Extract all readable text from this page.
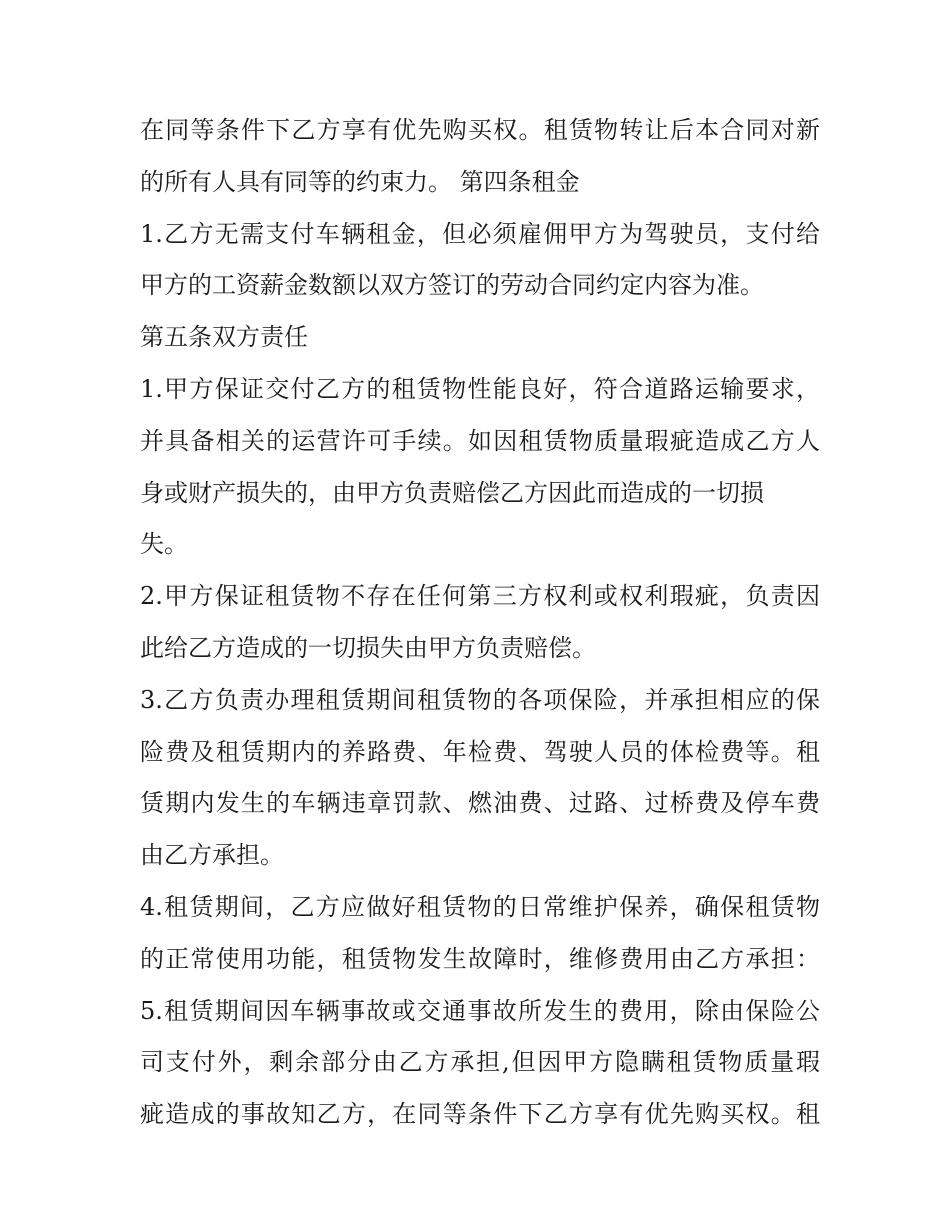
在同等条件下乙方享有优先购买权。租赁物转让后本合同对新
的所有人具有同等的约束力。 第四条租金
1.乙方无需支付车辆租金，但必须雇佣甲方为驾驶员，支付给
甲方的工资薪金数额以双方签订的劳动合同约定内容为准。
第五条双方责任
1.甲方保证交付乙方的租赁物性能良好，符合道路运输要求，
并具备相关的运营许可手续。如因租赁物质量瑕疵造成乙方人
身或财产损失的，由甲方负责赔偿乙方因此而造成的一切损
失。
2.甲方保证租赁物不存在任何第三方权利或权利瑕疵，负责因
此给乙方造成的一切损失由甲方负责赔偿。
3.乙方负责办理租赁期间租赁物的各项保险，并承担相应的保
险费及租赁期内的养路费、年检费、驾驶人员的体检费等。租
赁期内发生的车辆违章罚款、燃油费、过路、过桥费及停车费
由乙方承担。
4.租赁期间，乙方应做好租赁物的日常维护保养，确保租赁物
的正常使用功能，租赁物发生故障时，维修费用由乙方承担：
5.租赁期间因车辆事故或交通事故所发生的费用，除由保险公
司支付外，剩余部分由乙方承担,但因甲方隐瞒租赁物质量瑕
疵造成的事故知乙方，在同等条件下乙方享有优先购买权。租
